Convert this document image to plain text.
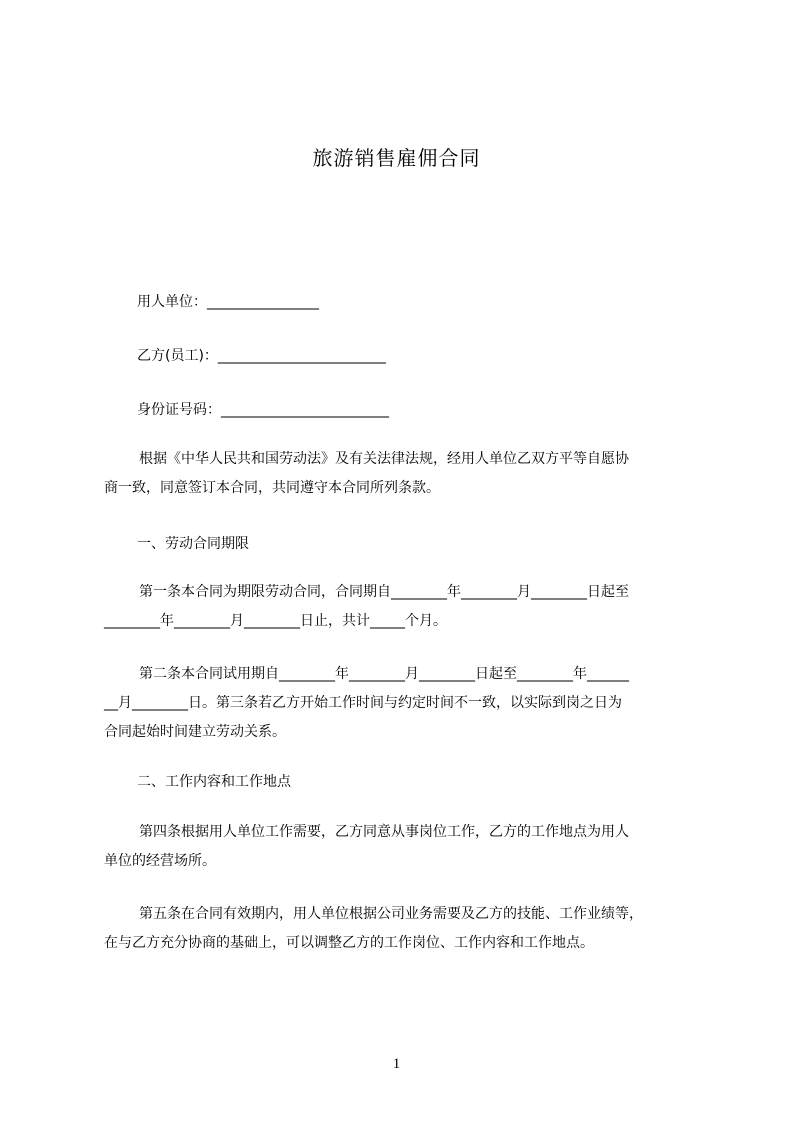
旅游销售雇佣合同
用人单位：________________
乙方(员工)：________________________
身份证号码：________________________
根据《中华人民共和国劳动法》及有关法律法规，经用人单位乙双方平等自愿协
商一致，同意签订本合同，共同遵守本合同所列条款。
一、劳动合同期限
第一条本合同为期限劳动合同，合同期自________年________月________日起至
________年________月________日止，共计_____个月。
第二条本合同试用期自________年________月________日起至________年______
__月________日。第三条若乙方开始工作时间与约定时间不一致，以实际到岗之日为
合同起始时间建立劳动关系。
二、工作内容和工作地点
第四条根据用人单位工作需要，乙方同意从事岗位工作，乙方的工作地点为用人
单位的经营场所。
第五条在合同有效期内，用人单位根据公司业务需要及乙方的技能、工作业绩等，
在与乙方充分协商的基础上，可以调整乙方的工作岗位、工作内容和工作地点。
1
